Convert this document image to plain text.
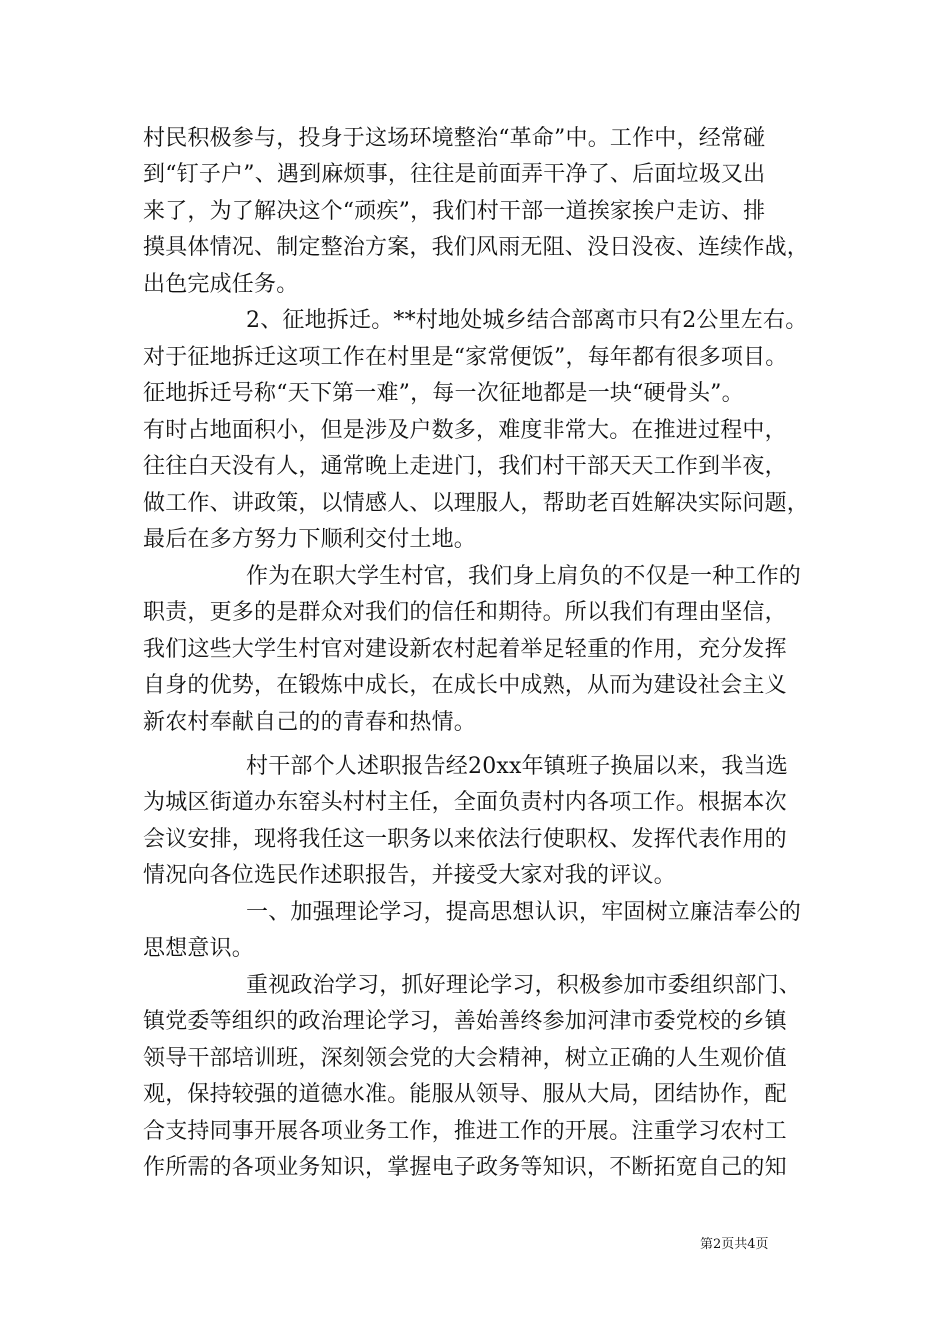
村民积极参与，投身于这场环境整治“革命”中。工作中，经常碰
到“钉子户”、遇到麻烦事，往往是前面弄干净了、后面垃圾又出
来了，为了解决这个“顽疾”，我们村干部一道挨家挨户走访、排
摸具体情况、制定整治方案，我们风雨无阻、没日没夜、连续作战，
出色完成任务。
2、征地拆迁。**村地处城乡结合部离市只有2公里左右。
对于征地拆迁这项工作在村里是“家常便饭”，每年都有很多项目。
征地拆迁号称“天下第一难”，每一次征地都是一块“硬骨头”。
有时占地面积小，但是涉及户数多，难度非常大。在推进过程中，
往往白天没有人，通常晚上走进门，我们村干部天天工作到半夜，
做工作、讲政策，以情感人、以理服人，帮助老百姓解决实际问题，
最后在多方努力下顺利交付土地。
作为在职大学生村官，我们身上肩负的不仅是一种工作的
职责，更多的是群众对我们的信任和期待。所以我们有理由坚信，
我们这些大学生村官对建设新农村起着举足轻重的作用，充分发挥
自身的优势，在锻炼中成长，在成长中成熟，从而为建设社会主义
新农村奉献自己的的青春和热情。
村干部个人述职报告经20xx年镇班子换届以来，我当选
为城区街道办东窑头村村主任，全面负责村内各项工作。根据本次
会议安排，现将我任这一职务以来依法行使职权、发挥代表作用的
情况向各位选民作述职报告，并接受大家对我的评议。
一、加强理论学习，提高思想认识，牢固树立廉洁奉公的
思想意识。
重视政治学习，抓好理论学习，积极参加市委组织部门、
镇党委等组织的政治理论学习，善始善终参加河津市委党校的乡镇
领导干部培训班，深刻领会党的大会精神，树立正确的人生观价值
观，保持较强的道德水准。能服从领导、服从大局，团结协作，配
合支持同事开展各项业务工作，推进工作的开展。注重学习农村工
作所需的各项业务知识，掌握电子政务等知识，不断拓宽自己的知
第2页共4页
